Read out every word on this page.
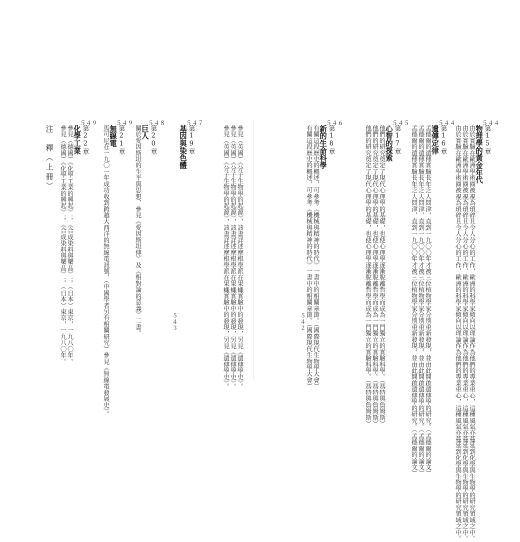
第15章
物理學的黃金年代
５４４
由於實驗在歐洲學術圈被視為瑣碎且令人分心的工作，歐洲的科學家傾向以理論作為他們的專業重心，這種風氣亦蔓延到化學與生物學的研究領域之中。
由於實驗在歐洲學術圈被視為瑣碎且令人分心的工作，歐洲的科學家傾向以理論作為他們的專業重心，這種風氣亦蔓延到化學與生物學的研究領域之中。
由於實驗在歐洲學術圈被視為瑣碎且令人分心的工作，歐洲的科學家傾向以理論作為他們的專業重心，這種風氣亦蔓延到化學與生物學的研究領域之中。
第16章
遺傳定律
５４４
孟德爾的遺傳實驗長年乏人問津，直到一九〇〇年才被三位植物學家分別重新發現，並由此開啟遺傳學的研究。（孟德爾的論文）
孟德爾的遺傳實驗長年乏人問津，直到一九〇〇年才被三位植物學家分別重新發現，並由此開啟遺傳學的研究。（孟德爾的論文）
孟德爾的遺傳實驗長年乏人問津，直到一九〇〇年才被三位植物學家分別重新發現，並由此開啟遺傳學的研究。（孟德爾的論文）
第17章
心智的探索
５４５
他們的研究奠定了現代心理學的基礎，也使心理學逐漸脫離哲學而成為一門獨立的實驗科學。（馮特與詹姆斯）
他們的研究奠定了現代心理學的基礎，也使心理學逐漸脫離哲學而成為一門獨立的實驗科學。（馮特與詹姆斯）
他們的研究奠定了現代心理學的基礎，也使心理學逐漸脫離哲學而成為一門獨立的實驗科學。（馮特與詹姆斯）
第18章
新的生命科學
５４６
有關這段歷史的概述，可參考《機械與精神的時代》一書中的相關章節。（國際現代生物學大會）
有關這段歷史的概述，可參考《機械與精神的時代》一書中的相關章節。（國際現代生物學大會）
５４２
第19章
基因與染色體
５４７
參見（英國）《分子生物學的起源》，該書詳述摩根學派在果蠅實驗中的發現，另見《遺傳學史》。
參見（英國）《分子生物學的起源》，該書詳述摩根學派在果蠅實驗中的發現，另見《遺傳學史》。
參見（英國）《分子生物學的起源》，該書詳述摩根學派在果蠅實驗中的發現，另見《遺傳學史》。
第20章
巨人
５４８
關於愛因斯坦的生平與思想，參見《愛因斯坦傳》及《相對論的意義》二書。
第21章
無線電
５４９
馬可尼在一九〇一年成功收到跨越大西洋的無線電訊號，（中國學者另有相關研究）參見《無線電發展史》。
第22章
化學工業
５４９
參見（德國）《化學工業的興起》；《合成染料與藥品》；（日本）東京，一九八〇年。
參見（德國）《化學工業的興起》；《合成染料與藥品》；（日本）東京，一九八〇年。
注　釋（上冊）
５４３
